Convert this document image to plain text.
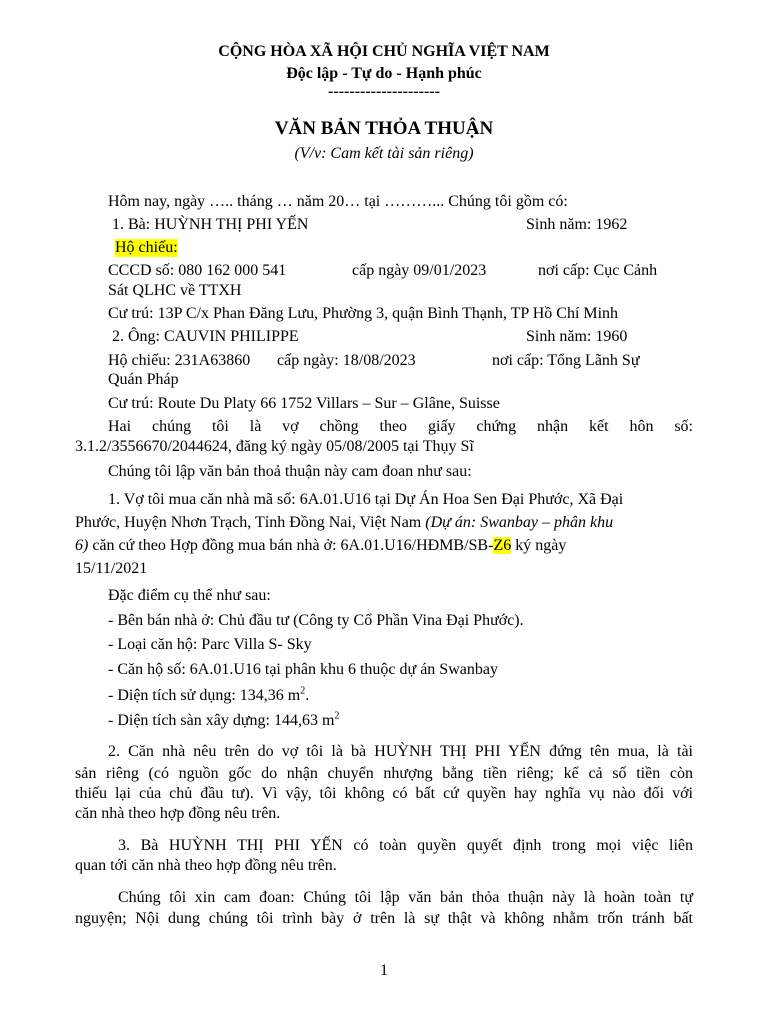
CỘNG HÒA XÃ HỘI CHỦ NGHĨA VIỆT NAM
Độc lập - Tự do - Hạnh phúc
---------------------
VĂN BẢN THỎA THUẬN
(V/v: Cam kết tài sản riêng)
Hôm nay, ngày ….. tháng … năm 20… tại ………... Chúng tôi gồm có:
1. Bà: HUỲNH THỊ PHI YẾN	Sinh năm: 1962
Hộ chiếu:
CCCD số: 080 162 000 541	cấp ngày 09/01/2023	nơi cấp: Cục Cảnh
Sát QLHC về TTXH
Cư trú: 13P C/x Phan Đăng Lưu, Phường 3, quận Bình Thạnh, TP Hồ Chí Minh
2. Ông: CAUVIN PHILIPPE	Sinh năm: 1960
Hộ chiếu: 231A63860 cấp ngày: 18/08/2023	nơi cấp: Tổng Lãnh Sự
Quán Pháp
Cư trú: Route Du Platy 66 1752 Villars – Sur – Glâne, Suisse
Hai chúng tôi là vợ chồng theo giấy chứng nhận kết hôn số:
3.1.2/3556670/2044624, đăng ký ngày 05/08/2005 tại Thụy Sĩ
Chúng tôi lập văn bản thoả thuận này cam đoan như sau:
1. Vợ tôi mua căn nhà mã số: 6A.01.U16 tại Dự Án Hoa Sen Đại Phước, Xã Đại
Phước, Huyện Nhơn Trạch, Tỉnh Đồng Nai, Việt Nam (Dự án: Swanbay – phân khu
6) căn cứ theo Hợp đồng mua bán nhà ở: 6A.01.U16/HĐMB/SB-Z6 ký ngày
15/11/2021
Đặc điểm cụ thể như sau:
- Bên bán nhà ở: Chủ đầu tư (Công ty Cổ Phần Vina Đại Phước).
- Loại căn hộ: Parc Villa S- Sky
- Căn hộ số: 6A.01.U16 tại phân khu 6 thuộc dự án Swanbay
- Diện tích sử dụng: 134,36 $m^2$.
- Diện tích sàn xây dựng: 144,63 $m^2$
2. Căn nhà nêu trên do vợ tôi là bà HUỲNH THỊ PHI YẾN đứng tên mua, là tài
sản riêng (có nguồn gốc do nhận chuyển nhượng bằng tiền riêng; kể cả số tiền còn
thiếu lại của chủ đầu tư). Vì vậy, tôi không có bất cứ quyền hay nghĩa vụ nào đối với
căn nhà theo hợp đồng nêu trên.
3. Bà HUỲNH THỊ PHI YẾN có toàn quyền quyết định trong mọi việc liên
quan tới căn nhà theo hợp đồng nêu trên.
Chúng tôi xin cam đoan: Chúng tôi lập văn bản thỏa thuận này là hoàn toàn tự
nguyện; Nội dung chúng tôi trình bày ở trên là sự thật và không nhằm trốn tránh bất
1
